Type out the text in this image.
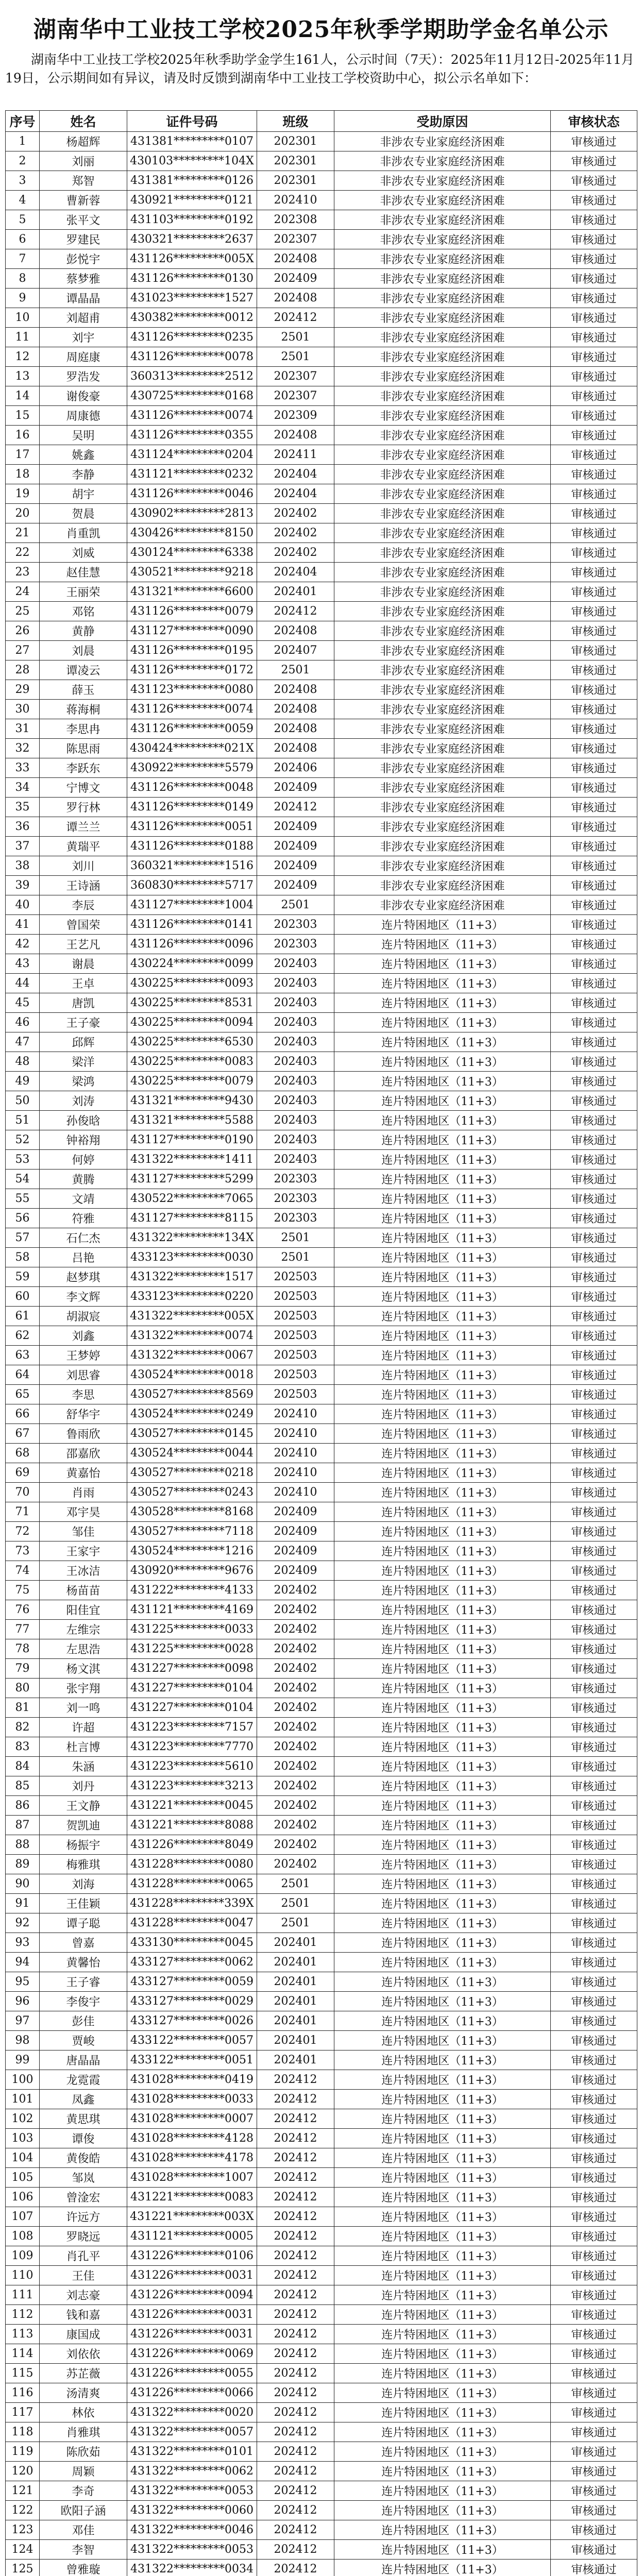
湖南华中工业技工学校2025年秋季学期助学金名单公示
湖南华中工业技工学校2025年秋季助学金学生161人，公示时间（7天）：2025年11月12日-2025年11月19日，公示期间如有异议，请及时反馈到湖南华中工业技工学校资助中心，拟公示名单如下：
序号	姓名	证件号码	班级	受助原因	审核状态
1	杨超辉	431381*********0107	202301	非涉农专业家庭经济困难	审核通过
2	刘丽	430103*********104X	202301	非涉农专业家庭经济困难	审核通过
3	郑智	431381*********0126	202301	非涉农专业家庭经济困难	审核通过
4	曹新蓉	430921*********0121	202410	非涉农专业家庭经济困难	审核通过
5	张平文	431103*********0192	202308	非涉农专业家庭经济困难	审核通过
6	罗建民	430321*********2637	202307	非涉农专业家庭经济困难	审核通过
7	彭悦宇	431126*********005X	202408	非涉农专业家庭经济困难	审核通过
8	蔡梦雅	431126*********0130	202409	非涉农专业家庭经济困难	审核通过
9	谭晶晶	431023*********1527	202408	非涉农专业家庭经济困难	审核通过
10	刘超甫	430382*********0012	202412	非涉农专业家庭经济困难	审核通过
11	刘宇	431126*********0235	2501	非涉农专业家庭经济困难	审核通过
12	周庭康	431126*********0078	2501	非涉农专业家庭经济困难	审核通过
13	罗浩发	360313*********2512	202307	非涉农专业家庭经济困难	审核通过
14	谢俊豪	430725*********0168	202307	非涉农专业家庭经济困难	审核通过
15	周康德	431126*********0074	202309	非涉农专业家庭经济困难	审核通过
16	吴明	431126*********0355	202408	非涉农专业家庭经济困难	审核通过
17	姚鑫	431124*********0204	202411	非涉农专业家庭经济困难	审核通过
18	李静	431121*********0232	202404	非涉农专业家庭经济困难	审核通过
19	胡宇	431126*********0046	202404	非涉农专业家庭经济困难	审核通过
20	贺晨	430902*********2813	202402	非涉农专业家庭经济困难	审核通过
21	肖重凯	430426*********8150	202402	非涉农专业家庭经济困难	审核通过
22	刘威	430124*********6338	202402	非涉农专业家庭经济困难	审核通过
23	赵佳慧	430521*********9218	202404	非涉农专业家庭经济困难	审核通过
24	王丽荣	431321*********6600	202401	非涉农专业家庭经济困难	审核通过
25	邓铭	431126*********0079	202412	非涉农专业家庭经济困难	审核通过
26	黄静	431127*********0090	202408	非涉农专业家庭经济困难	审核通过
27	刘晨	431126*********0195	202407	非涉农专业家庭经济困难	审核通过
28	谭凌云	431126*********0172	2501	非涉农专业家庭经济困难	审核通过
29	薛玉	431123*********0080	202408	非涉农专业家庭经济困难	审核通过
30	蒋海桐	431126*********0074	202408	非涉农专业家庭经济困难	审核通过
31	李思冉	431126*********0059	202408	非涉农专业家庭经济困难	审核通过
32	陈思雨	430424*********021X	202408	非涉农专业家庭经济困难	审核通过
33	李跃东	430922*********5579	202406	非涉农专业家庭经济困难	审核通过
34	宁博文	431126*********0048	202409	非涉农专业家庭经济困难	审核通过
35	罗行林	431126*********0149	202412	非涉农专业家庭经济困难	审核通过
36	谭兰兰	431126*********0051	202409	非涉农专业家庭经济困难	审核通过
37	黄瑞平	431126*********0188	202409	非涉农专业家庭经济困难	审核通过
38	刘川	360321*********1516	202409	非涉农专业家庭经济困难	审核通过
39	王诗涵	360830*********5717	202409	非涉农专业家庭经济困难	审核通过
40	李辰	431127*********1004	2501	非涉农专业家庭经济困难	审核通过
41	曾国荣	431126*********0141	202303	连片特困地区（11+3）	审核通过
42	王艺凡	431126*********0096	202303	连片特困地区（11+3）	审核通过
43	谢晨	430224*********0099	202403	连片特困地区（11+3）	审核通过
44	王卓	430225*********0093	202403	连片特困地区（11+3）	审核通过
45	唐凯	430225*********8531	202403	连片特困地区（11+3）	审核通过
46	王子豪	430225*********0094	202403	连片特困地区（11+3）	审核通过
47	邱辉	430225*********6530	202403	连片特困地区（11+3）	审核通过
48	梁洋	430225*********0083	202403	连片特困地区（11+3）	审核通过
49	梁鸿	430225*********0079	202403	连片特困地区（11+3）	审核通过
50	刘涛	431321*********9430	202403	连片特困地区（11+3）	审核通过
51	孙俊晗	431321*********5588	202403	连片特困地区（11+3）	审核通过
52	钟裕翔	431127*********0190	202403	连片特困地区（11+3）	审核通过
53	何婷	431322*********1411	202403	连片特困地区（11+3）	审核通过
54	黄腾	431127*********5299	202303	连片特困地区（11+3）	审核通过
55	文靖	430522*********7065	202303	连片特困地区（11+3）	审核通过
56	符雅	431127*********8115	202303	连片特困地区（11+3）	审核通过
57	石仁杰	431322*********134X	2501	连片特困地区（11+3）	审核通过
58	吕艳	433123*********0030	2501	连片特困地区（11+3）	审核通过
59	赵梦琪	431322*********1517	202503	连片特困地区（11+3）	审核通过
60	李文辉	433123*********0220	202503	连片特困地区（11+3）	审核通过
61	胡淑宸	431322*********005X	202503	连片特困地区（11+3）	审核通过
62	刘鑫	431322*********0074	202503	连片特困地区（11+3）	审核通过
63	王梦婷	431322*********0067	202503	连片特困地区（11+3）	审核通过
64	刘思睿	430524*********0018	202503	连片特困地区（11+3）	审核通过
65	李思	430527*********8569	202503	连片特困地区（11+3）	审核通过
66	舒华宇	430524*********0249	202410	连片特困地区（11+3）	审核通过
67	鲁雨欣	430527*********0145	202410	连片特困地区（11+3）	审核通过
68	邵嘉欣	430524*********0044	202410	连片特困地区（11+3）	审核通过
69	黄嘉怡	430527*********0218	202410	连片特困地区（11+3）	审核通过
70	肖雨	430527*********0243	202410	连片特困地区（11+3）	审核通过
71	邓宇昊	430528*********8168	202409	连片特困地区（11+3）	审核通过
72	邹佳	430527*********7118	202409	连片特困地区（11+3）	审核通过
73	王家宇	430524*********1216	202409	连片特困地区（11+3）	审核通过
74	王冰洁	430920*********9676	202409	连片特困地区（11+3）	审核通过
75	杨苗苗	431222*********4133	202402	连片特困地区（11+3）	审核通过
76	阳佳宜	431121*********4169	202402	连片特困地区（11+3）	审核通过
77	左维宗	431225*********0033	202402	连片特困地区（11+3）	审核通过
78	左思浩	431225*********0028	202402	连片特困地区（11+3）	审核通过
79	杨文淇	431227*********0098	202402	连片特困地区（11+3）	审核通过
80	张宇翔	431227*********0104	202402	连片特困地区（11+3）	审核通过
81	刘一鸣	431227*********0104	202402	连片特困地区（11+3）	审核通过
82	许超	431223*********7157	202402	连片特困地区（11+3）	审核通过
83	杜言博	431223*********7770	202402	连片特困地区（11+3）	审核通过
84	朱涵	431223*********5610	202402	连片特困地区（11+3）	审核通过
85	刘丹	431223*********3213	202402	连片特困地区（11+3）	审核通过
86	王文静	431221*********0045	202402	连片特困地区（11+3）	审核通过
87	贺凯迪	431221*********8088	202402	连片特困地区（11+3）	审核通过
88	杨振宇	431226*********8049	202402	连片特困地区（11+3）	审核通过
89	梅雅琪	431228*********0080	202402	连片特困地区（11+3）	审核通过
90	刘海	431228*********0065	2501	连片特困地区（11+3）	审核通过
91	王佳颖	431228*********339X	2501	连片特困地区（11+3）	审核通过
92	谭子聪	431228*********0047	2501	连片特困地区（11+3）	审核通过
93	曾嘉	433130*********0045	202401	连片特困地区（11+3）	审核通过
94	黄馨怡	433127*********0062	202401	连片特困地区（11+3）	审核通过
95	王子睿	433127*********0059	202401	连片特困地区（11+3）	审核通过
96	李俊宇	433127*********0029	202401	连片特困地区（11+3）	审核通过
97	彭佳	433127*********0026	202401	连片特困地区（11+3）	审核通过
98	贾峻	433122*********0057	202401	连片特困地区（11+3）	审核通过
99	唐晶晶	433122*********0051	202401	连片特困地区（11+3）	审核通过
100	龙霓霞	431028*********0419	202412	连片特困地区（11+3）	审核通过
101	凤鑫	431028*********0033	202412	连片特困地区（11+3）	审核通过
102	黄思琪	431028*********0007	202412	连片特困地区（11+3）	审核通过
103	谭俊	431028*********4128	202412	连片特困地区（11+3）	审核通过
104	黄俊皓	431028*********4178	202412	连片特困地区（11+3）	审核通过
105	邹岚	431028*********1007	202412	连片特困地区（11+3）	审核通过
106	曾淦宏	431221*********0083	202412	连片特困地区（11+3）	审核通过
107	许远方	431221*********003X	202412	连片特困地区（11+3）	审核通过
108	罗晓远	431121*********0005	202412	连片特困地区（11+3）	审核通过
109	肖孔平	431226*********0106	202412	连片特困地区（11+3）	审核通过
110	王佳	431226*********0031	202412	连片特困地区（11+3）	审核通过
111	刘志豪	431226*********0094	202412	连片特困地区（11+3）	审核通过
112	钱和嘉	431226*********0031	202412	连片特困地区（11+3）	审核通过
113	康国成	431226*********0031	202412	连片特困地区（11+3）	审核通过
114	刘依依	431226*********0069	202412	连片特困地区（11+3）	审核通过
115	苏芷薇	431226*********0055	202412	连片特困地区（11+3）	审核通过
116	汤清爽	431226*********0066	202412	连片特困地区（11+3）	审核通过
117	林依	431322*********0020	202412	连片特困地区（11+3）	审核通过
118	肖雅琪	431322*********0057	202412	连片特困地区（11+3）	审核通过
119	陈欣茹	431322*********0101	202412	连片特困地区（11+3）	审核通过
120	周颖	431322*********0062	202412	连片特困地区（11+3）	审核通过
121	李奇	431322*********0053	202412	连片特困地区（11+3）	审核通过
122	欧阳子涵	431322*********0060	202412	连片特困地区（11+3）	审核通过
123	邓佳	431322*********0046	202412	连片特困地区（11+3）	审核通过
124	李智	431322*********0053	202412	连片特困地区（11+3）	审核通过
125	曾雅璇	431322*********0034	202412	连片特困地区（11+3）	审核通过
